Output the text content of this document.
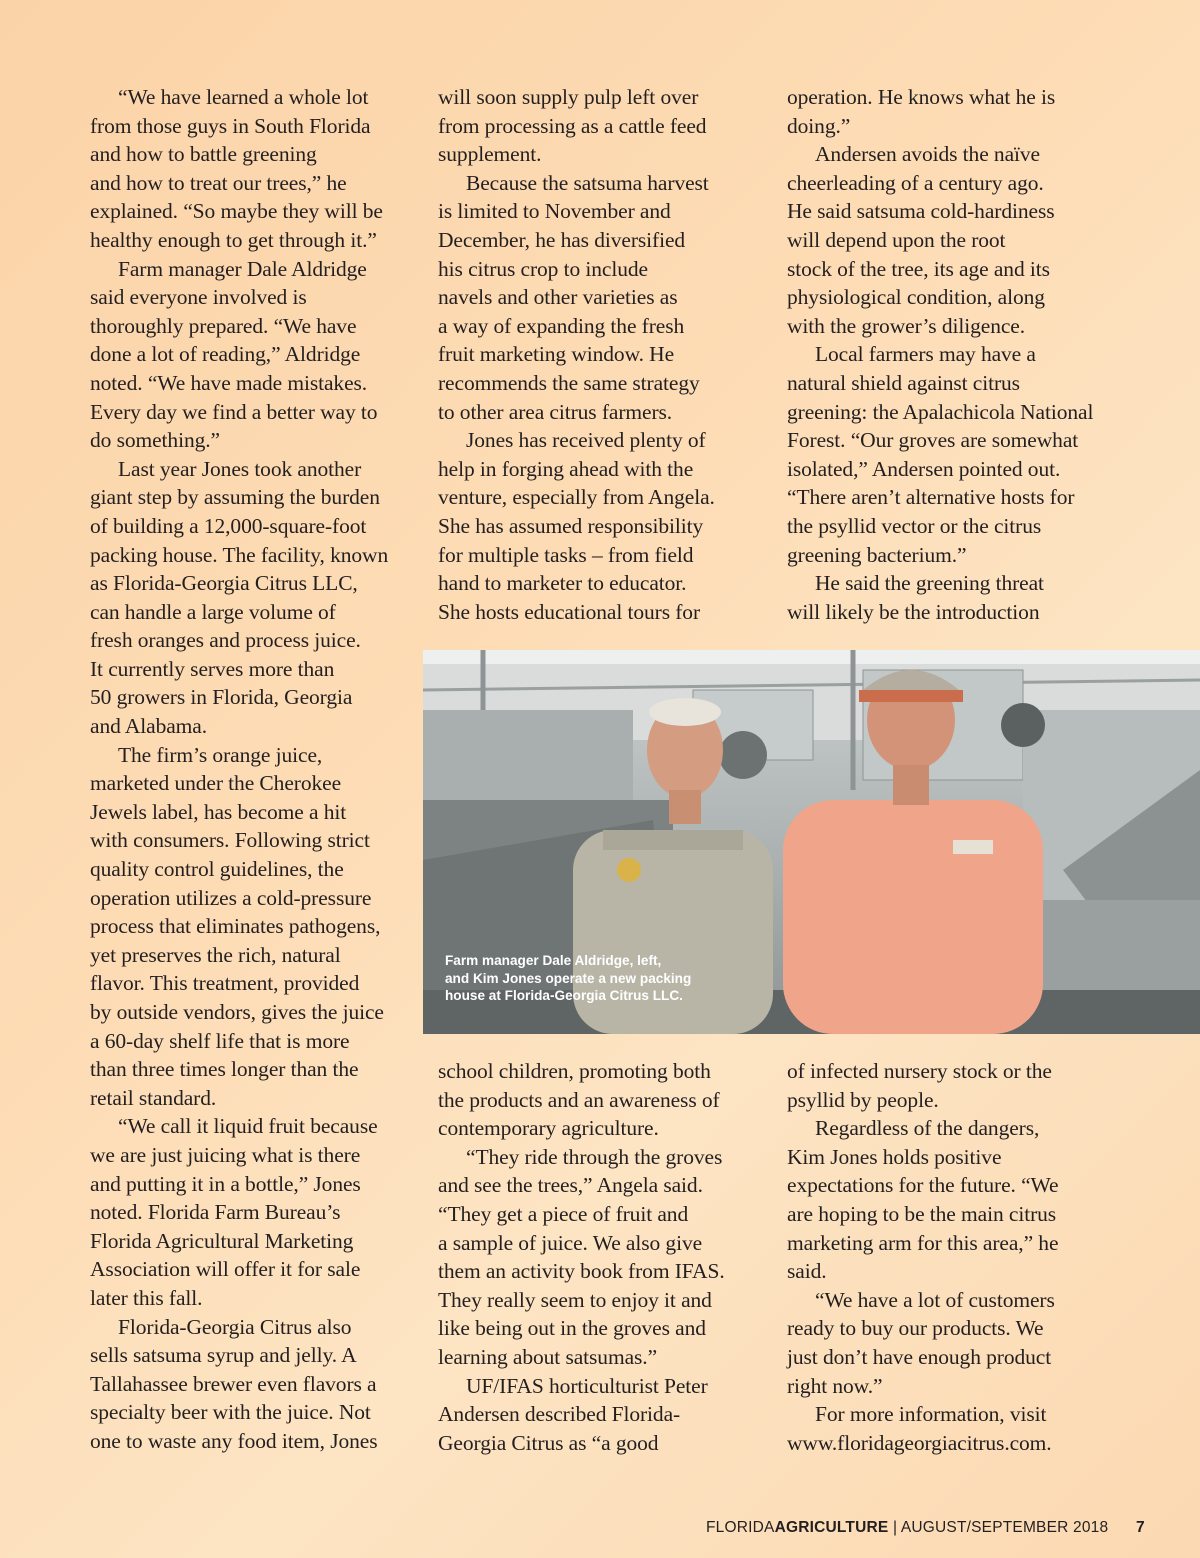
“We have learned a whole lot

from those guys in South Florida

and how to battle greening

and how to treat our trees,” he

explained. “So maybe they will be

healthy enough to get through it.”

Farm manager Dale Aldridge

said everyone involved is

thoroughly prepared. “We have

done a lot of reading,” Aldridge

noted. “We have made mistakes.

Every day we find a better way to

do something.”

Last year Jones took another

giant step by assuming the burden

of building a 12,000-square-foot

packing house. The facility, known

as Florida-Georgia Citrus LLC,

can handle a large volume of

fresh oranges and process juice.

It currently serves more than

50 growers in Florida, Georgia

and Alabama.

The firm’s orange juice,

marketed under the Cherokee

Jewels label, has become a hit

with consumers. Following strict

quality control guidelines, the

operation utilizes a cold-pressure

process that eliminates pathogens,

yet preserves the rich, natural

flavor. This treatment, provided

by outside vendors, gives the juice

a 60-day shelf life that is more

than three times longer than the

retail standard.

“We call it liquid fruit because

we are just juicing what is there

and putting it in a bottle,” Jones

noted. Florida Farm Bureau’s

Florida Agricultural Marketing

Association will offer it for sale

later this fall.

Florida-Georgia Citrus also

sells satsuma syrup and jelly. A

Tallahassee brewer even flavors a

specialty beer with the juice. Not

one to waste any food item, Jones

will soon supply pulp left over

from processing as a cattle feed

supplement.

Because the satsuma harvest

is limited to November and

December, he has diversified

his citrus crop to include

navels and other varieties as

a way of expanding the fresh

fruit marketing window. He

recommends the same strategy

to other area citrus farmers.

Jones has received plenty of

help in forging ahead with the

venture, especially from Angela.

She has assumed responsibility

for multiple tasks – from field

hand to marketer to educator.

She hosts educational tours for

operation. He knows what he is

doing.”

Andersen avoids the naïve

cheerleading of a century ago.

He said satsuma cold-hardiness

will depend upon the root

stock of the tree, its age and its

physiological condition, along

with the grower’s diligence.

Local farmers may have a

natural shield against citrus

greening: the Apalachicola National

Forest. “Our groves are somewhat

isolated,” Andersen pointed out.

“There aren’t alternative hosts for

the psyllid vector or the citrus

greening bacterium.”

He said the greening threat

will likely be the introduction

Farm manager Dale Aldridge, left,

and Kim Jones operate a new packing

house at Florida-Georgia Citrus LLC.

school children, promoting both

the products and an awareness of

contemporary agriculture.

“They ride through the groves

and see the trees,” Angela said.

“They get a piece of fruit and

a sample of juice. We also give

them an activity book from IFAS.

They really seem to enjoy it and

like being out in the groves and

learning about satsumas.”

UF/IFAS horticulturist Peter

Andersen described Florida-

Georgia Citrus as “a good

of infected nursery stock or the

psyllid by people.

Regardless of the dangers,

Kim Jones holds positive

expectations for the future. “We

are hoping to be the main citrus

marketing arm for this area,” he

said.

“We have a lot of customers

ready to buy our products. We

just don’t have enough product

right now.”

For more information, visit

www.floridageorgiacitrus.com.

FLORIDAAGRICULTURE | AUGUST/SEPTEMBER 2018 7
